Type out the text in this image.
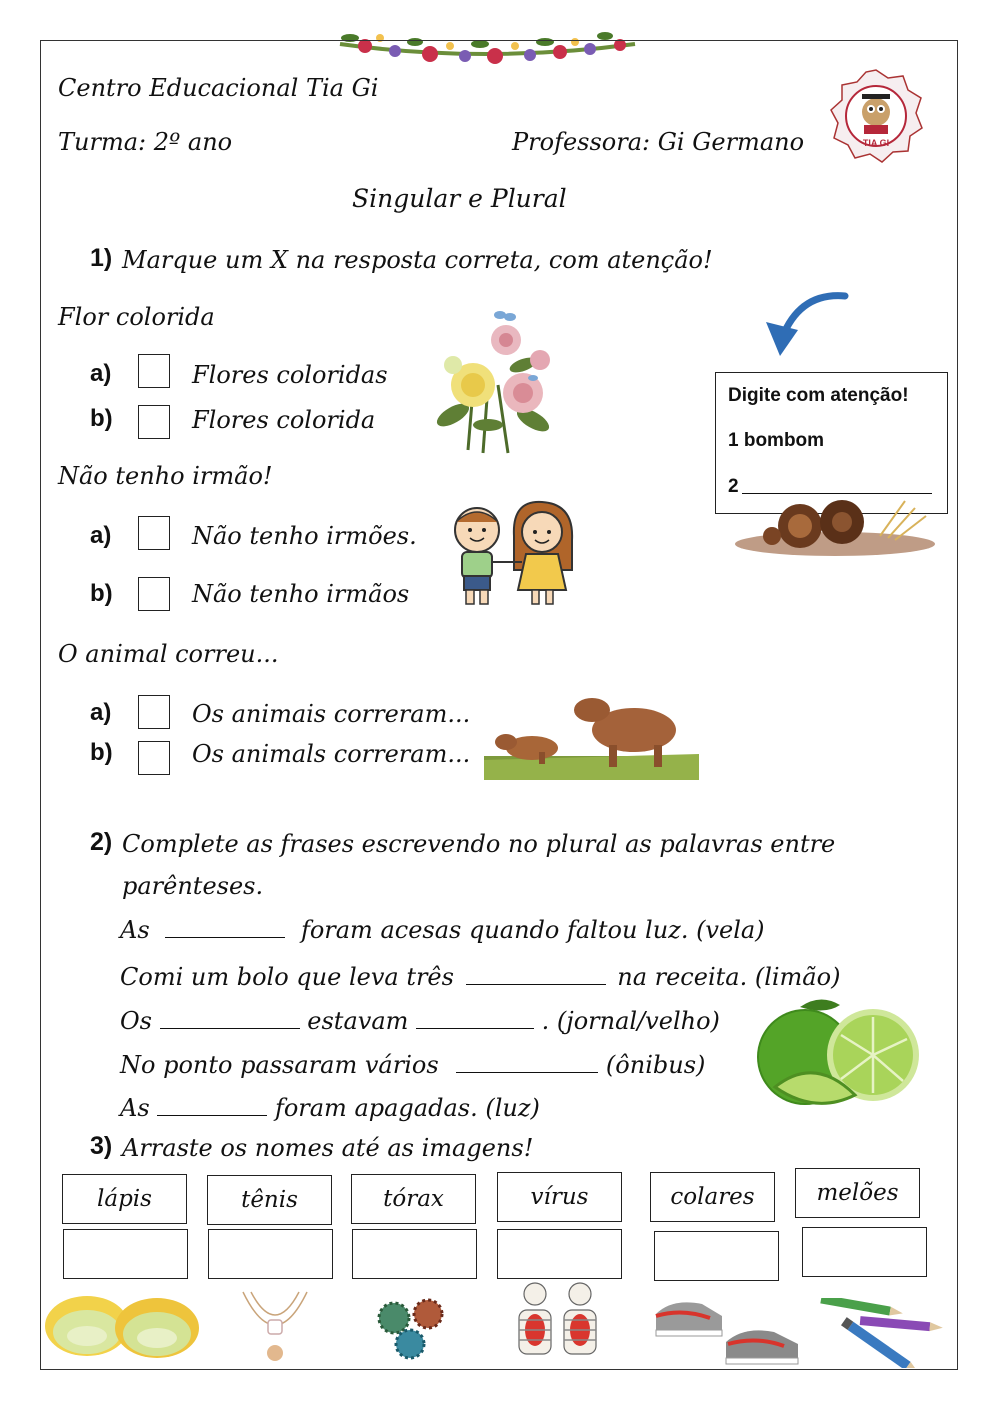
Centro Educacional Tia Gi
Turma: 2º ano	Professora: Gi Germano
Singular e Plural
TIA GI
1) Marque um X na resposta correta, com atenção!
Flor colorida
a)	Flores coloridas
b)	Flores colorida
Não tenho irmão!
a)	Não tenho irmões.
b)	Não tenho irmãos
O animal correu...
a)	Os animais correram...
b)	Os animals correram...
Digite com atenção!
1 bombom
2
2) Complete as frases escrevendo no plural as palavras entre
parênteses.
As	foram acesas quando faltou luz. (vela)
Comi um bolo que leva três	na receita. (limão)
Os	estavam	. (jornal/velho)
No ponto passaram vários	(ônibus)
As	foram apagadas. (luz)
3) Arraste os nomes até as imagens!
lápis	tênis	tórax	vírus	colares	melões
